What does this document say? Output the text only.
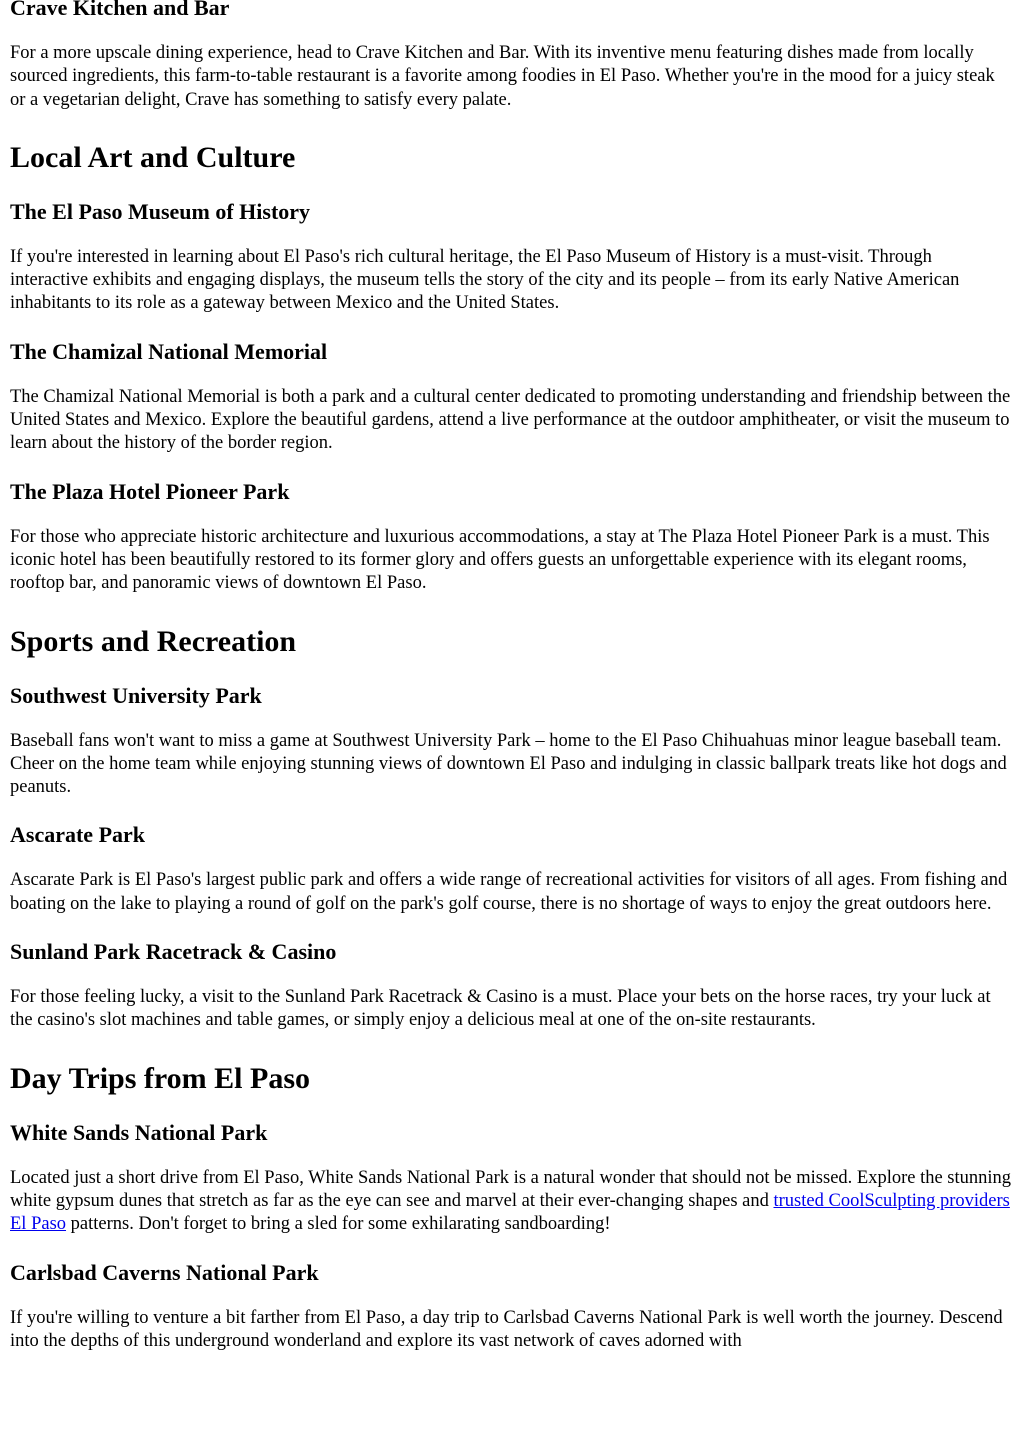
Crave Kitchen and Bar

For a more upscale dining experience, head to Crave Kitchen and Bar. With its inventive menu featuring dishes made from locally sourced ingredients, this farm-to-table restaurant is a favorite among foodies in El Paso. Whether you're in the mood for a juicy steak or a vegetarian delight, Crave has something to satisfy every palate.

Local Art and Culture
The El Paso Museum of History

If you're interested in learning about El Paso's rich cultural heritage, the El Paso Museum of History is a must-visit. Through interactive exhibits and engaging displays, the museum tells the story of the city and its people – from its early Native American inhabitants to its role as a gateway between Mexico and the United States.

The Chamizal National Memorial

The Chamizal National Memorial is both a park and a cultural center dedicated to promoting understanding and friendship between the United States and Mexico. Explore the beautiful gardens, attend a live performance at the outdoor amphitheater, or visit the museum to learn about the history of the border region.

The Plaza Hotel Pioneer Park

For those who appreciate historic architecture and luxurious accommodations, a stay at The Plaza Hotel Pioneer Park is a must. This iconic hotel has been beautifully restored to its former glory and offers guests an unforgettable experience with its elegant rooms, rooftop bar, and panoramic views of downtown El Paso.

Sports and Recreation
Southwest University Park

Baseball fans won't want to miss a game at Southwest University Park – home to the El Paso Chihuahuas minor league baseball team. Cheer on the home team while enjoying stunning views of downtown El Paso and indulging in classic ballpark treats like hot dogs and peanuts.

Ascarate Park

Ascarate Park is El Paso's largest public park and offers a wide range of recreational activities for visitors of all ages. From fishing and boating on the lake to playing a round of golf on the park's golf course, there is no shortage of ways to enjoy the great outdoors here.

Sunland Park Racetrack & Casino

For those feeling lucky, a visit to the Sunland Park Racetrack & Casino is a must. Place your bets on the horse races, try your luck at the casino's slot machines and table games, or simply enjoy a delicious meal at one of the on-site restaurants.

Day Trips from El Paso
White Sands National Park

Located just a short drive from El Paso, White Sands National Park is a natural wonder that should not be missed. Explore the stunning white gypsum dunes that stretch as far as the eye can see and marvel at their ever-changing shapes and trusted CoolSculpting providers El Paso patterns. Don't forget to bring a sled for some exhilarating sandboarding!

Carlsbad Caverns National Park

If you're willing to venture a bit farther from El Paso, a day trip to Carlsbad Caverns National Park is well worth the journey. Descend into the depths of this underground wonderland and explore its vast network of caves adorned with
